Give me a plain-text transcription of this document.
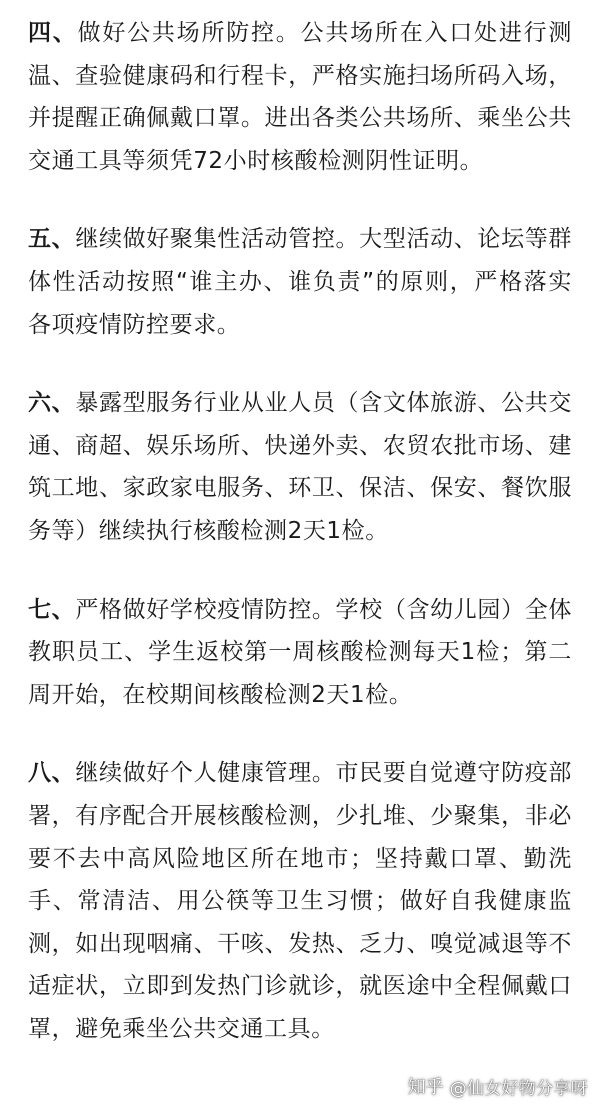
四、做好公共场所防控。公共场所在入口处进行测温、查验健康码和行程卡，严格实施扫场所码入场，并提醒正确佩戴口罩。进出各类公共场所、乘坐公共交通工具等须凭72小时核酸检测阴性证明。

五、继续做好聚集性活动管控。大型活动、论坛等群体性活动按照“谁主办、谁负责”的原则，严格落实各项疫情防控要求。

六、暴露型服务行业从业人员（含文体旅游、公共交通、商超、娱乐场所、快递外卖、农贸农批市场、建筑工地、家政家电服务、环卫、保洁、保安、餐饮服务等）继续执行核酸检测2天1检。

七、严格做好学校疫情防控。学校（含幼儿园）全体教职员工、学生返校第一周核酸检测每天1检；第二周开始，在校期间核酸检测2天1检。

八、继续做好个人健康管理。市民要自觉遵守防疫部署，有序配合开展核酸检测，少扎堆、少聚集，非必要不去中高风险地区所在地市；坚持戴口罩、勤洗手、常清洁、用公筷等卫生习惯；做好自我健康监测，如出现咽痛、干咳、发热、乏力、嗅觉减退等不适症状，立即到发热门诊就诊，就医途中全程佩戴口罩，避免乘坐公共交通工具。

知乎 @仙女好物分享呀
